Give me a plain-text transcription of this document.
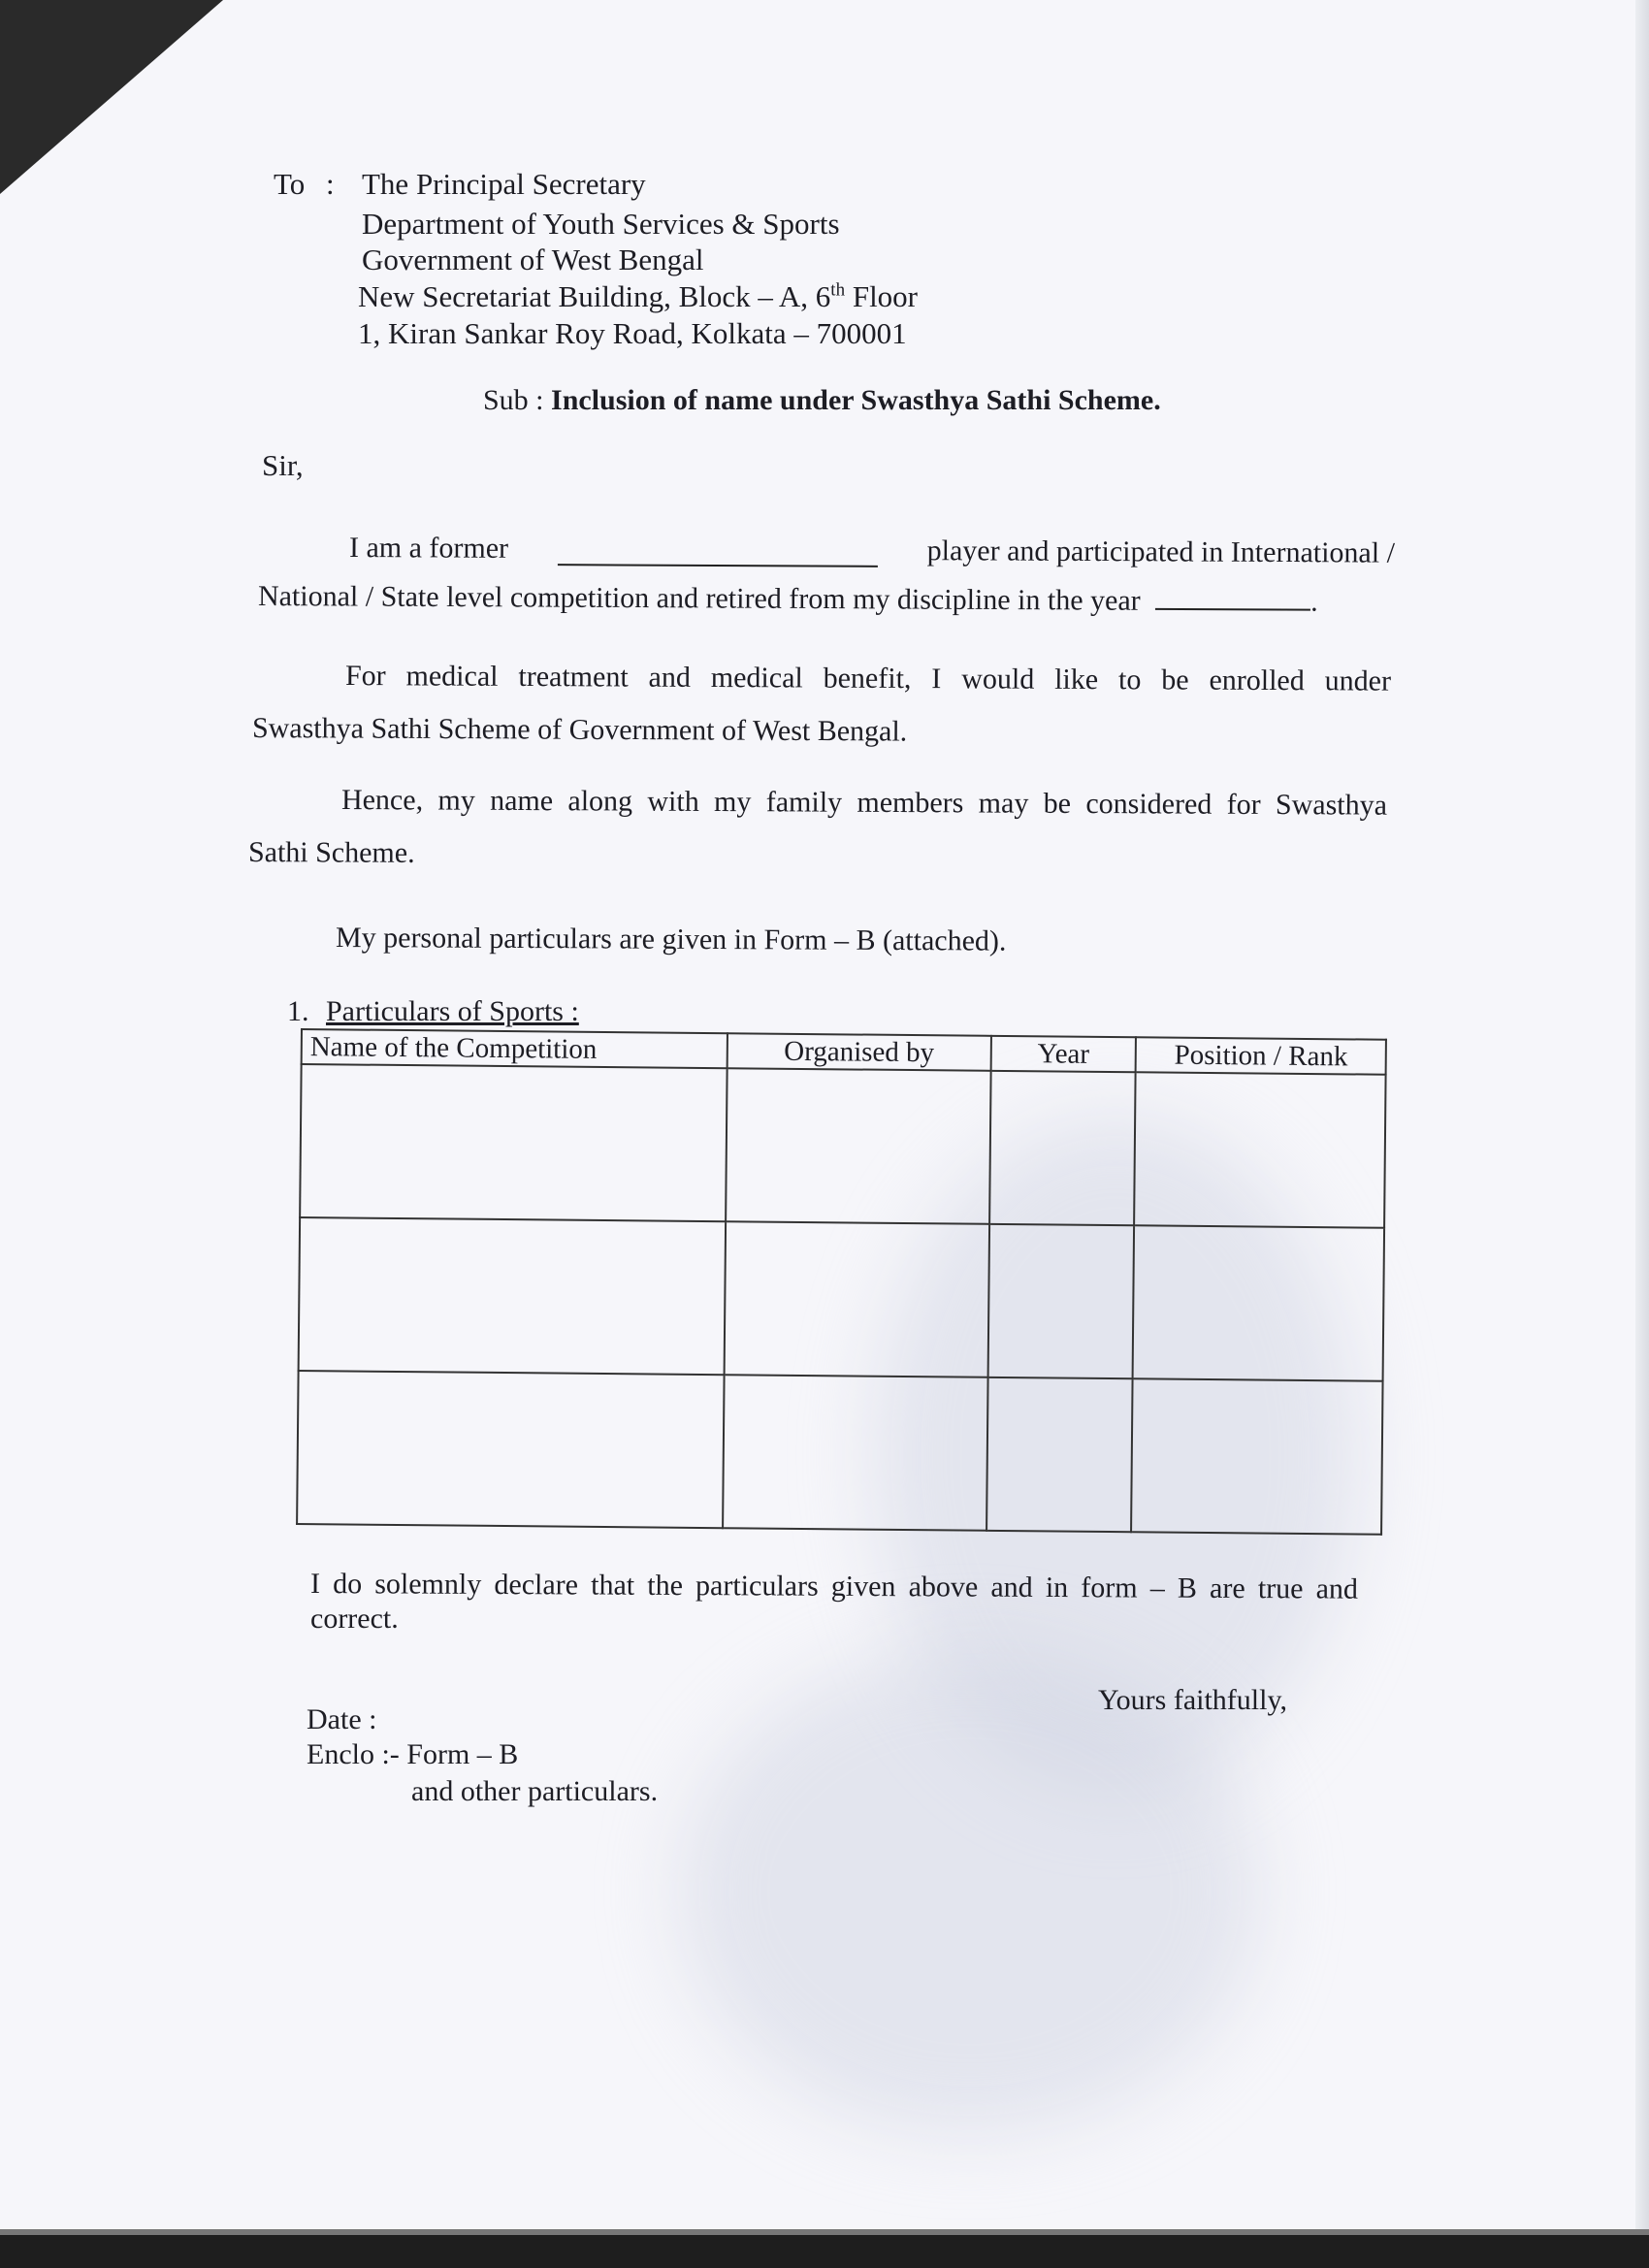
To : The Principal Secretary
Department of Youth Services & Sports
Government of West Bengal
New Secretariat Building, Block – A, 6th Floor
1, Kiran Sankar Roy Road, Kolkata – 700001
Sub : Inclusion of name under Swasthya Sathi Scheme.
Sir,
I am a former	player and participated in International /
National / State level competition and retired from my discipline in the year	.
For medical treatment and medical benefit, I would like to be enrolled under
Swasthya Sathi Scheme of Government of West Bengal.
Hence, my name along with my family members may be considered for Swasthya
Sathi Scheme.
My personal particulars are given in Form – B (attached).
1. Particulars of Sports :
Name of the Competition	Organised by	Year	Position / Rank

I do solemnly declare that the particulars given above and in form – B are true and
correct.
Yours faithfully,
Date :
Enclo :- Form – B
and other particulars.
